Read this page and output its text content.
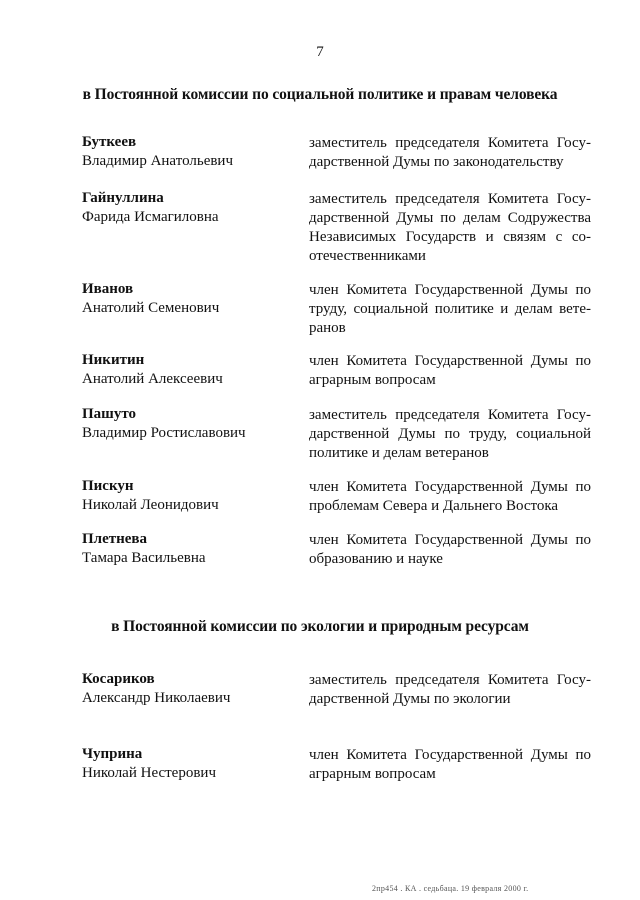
7
в Постоянной комиссии по социальной политике и правам человека
Буткеев
Владимир Анатольевич
заместитель председателя Комитета Госу-
дарственной Думы по законодательству
Гайнуллина
Фарида Исмагиловна
заместитель председателя Комитета Госу-
дарственной Думы по делам Содружества
Независимых Государств и связям с со-
отечественниками
Иванов
Анатолий Семенович
член Комитета Государственной Думы по
труду, социальной политике и делам вете-
ранов
Никитин
Анатолий Алексеевич
член Комитета Государственной Думы по
аграрным вопросам
Пашуто
Владимир Ростиславович
заместитель председателя Комитета Госу-
дарственной Думы по труду, социальной
политике и делам ветеранов
Пискун
Николай Леонидович
член Комитета Государственной Думы по
проблемам Севера и Дальнего Востока
Плетнева
Тамара Васильевна
член Комитета Государственной Думы по
образованию и науке
в Постоянной комиссии по экологии и природным ресурсам
Косариков
Александр Николаевич
заместитель председателя Комитета Госу-
дарственной Думы по экологии
Чуприна
Николай Нестерович
член Комитета Государственной Думы по
аграрным вопросам
2пр454 . КА . седьбаца. 19 февраля 2000 г.
